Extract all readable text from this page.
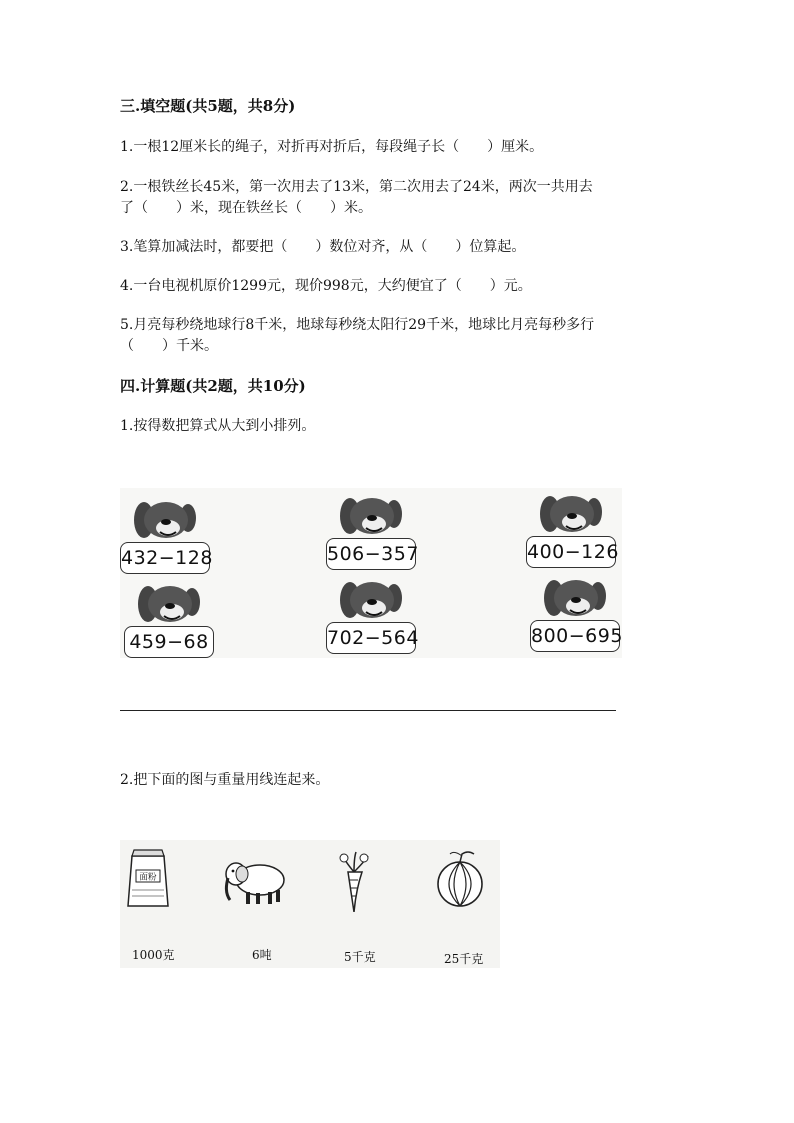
三.填空题(共5题，共8分)
1.一根12厘米长的绳子，对折再对折后，每段绳子长（　　）厘米。
2.一根铁丝长45米，第一次用去了13米，第二次用去了24米，两次一共用去
了（　　）米，现在铁丝长（　　）米。
3.笔算加减法时，都要把（　　）数位对齐，从（　　）位算起。
4.一台电视机原价1299元，现价998元，大约便宜了（　　）元。
5.月亮每秒绕地球行8千米，地球每秒绕太阳行29千米，地球比月亮每秒多行
（　　）千米。
四.计算题(共2题，共10分)
1.按得数把算式从大到小排列。
432−128	506−357	400−126
459−68	702−564	800−695
2.把下面的图与重量用线连起来。
面粉
1000克	6吨	5千克	25千克
